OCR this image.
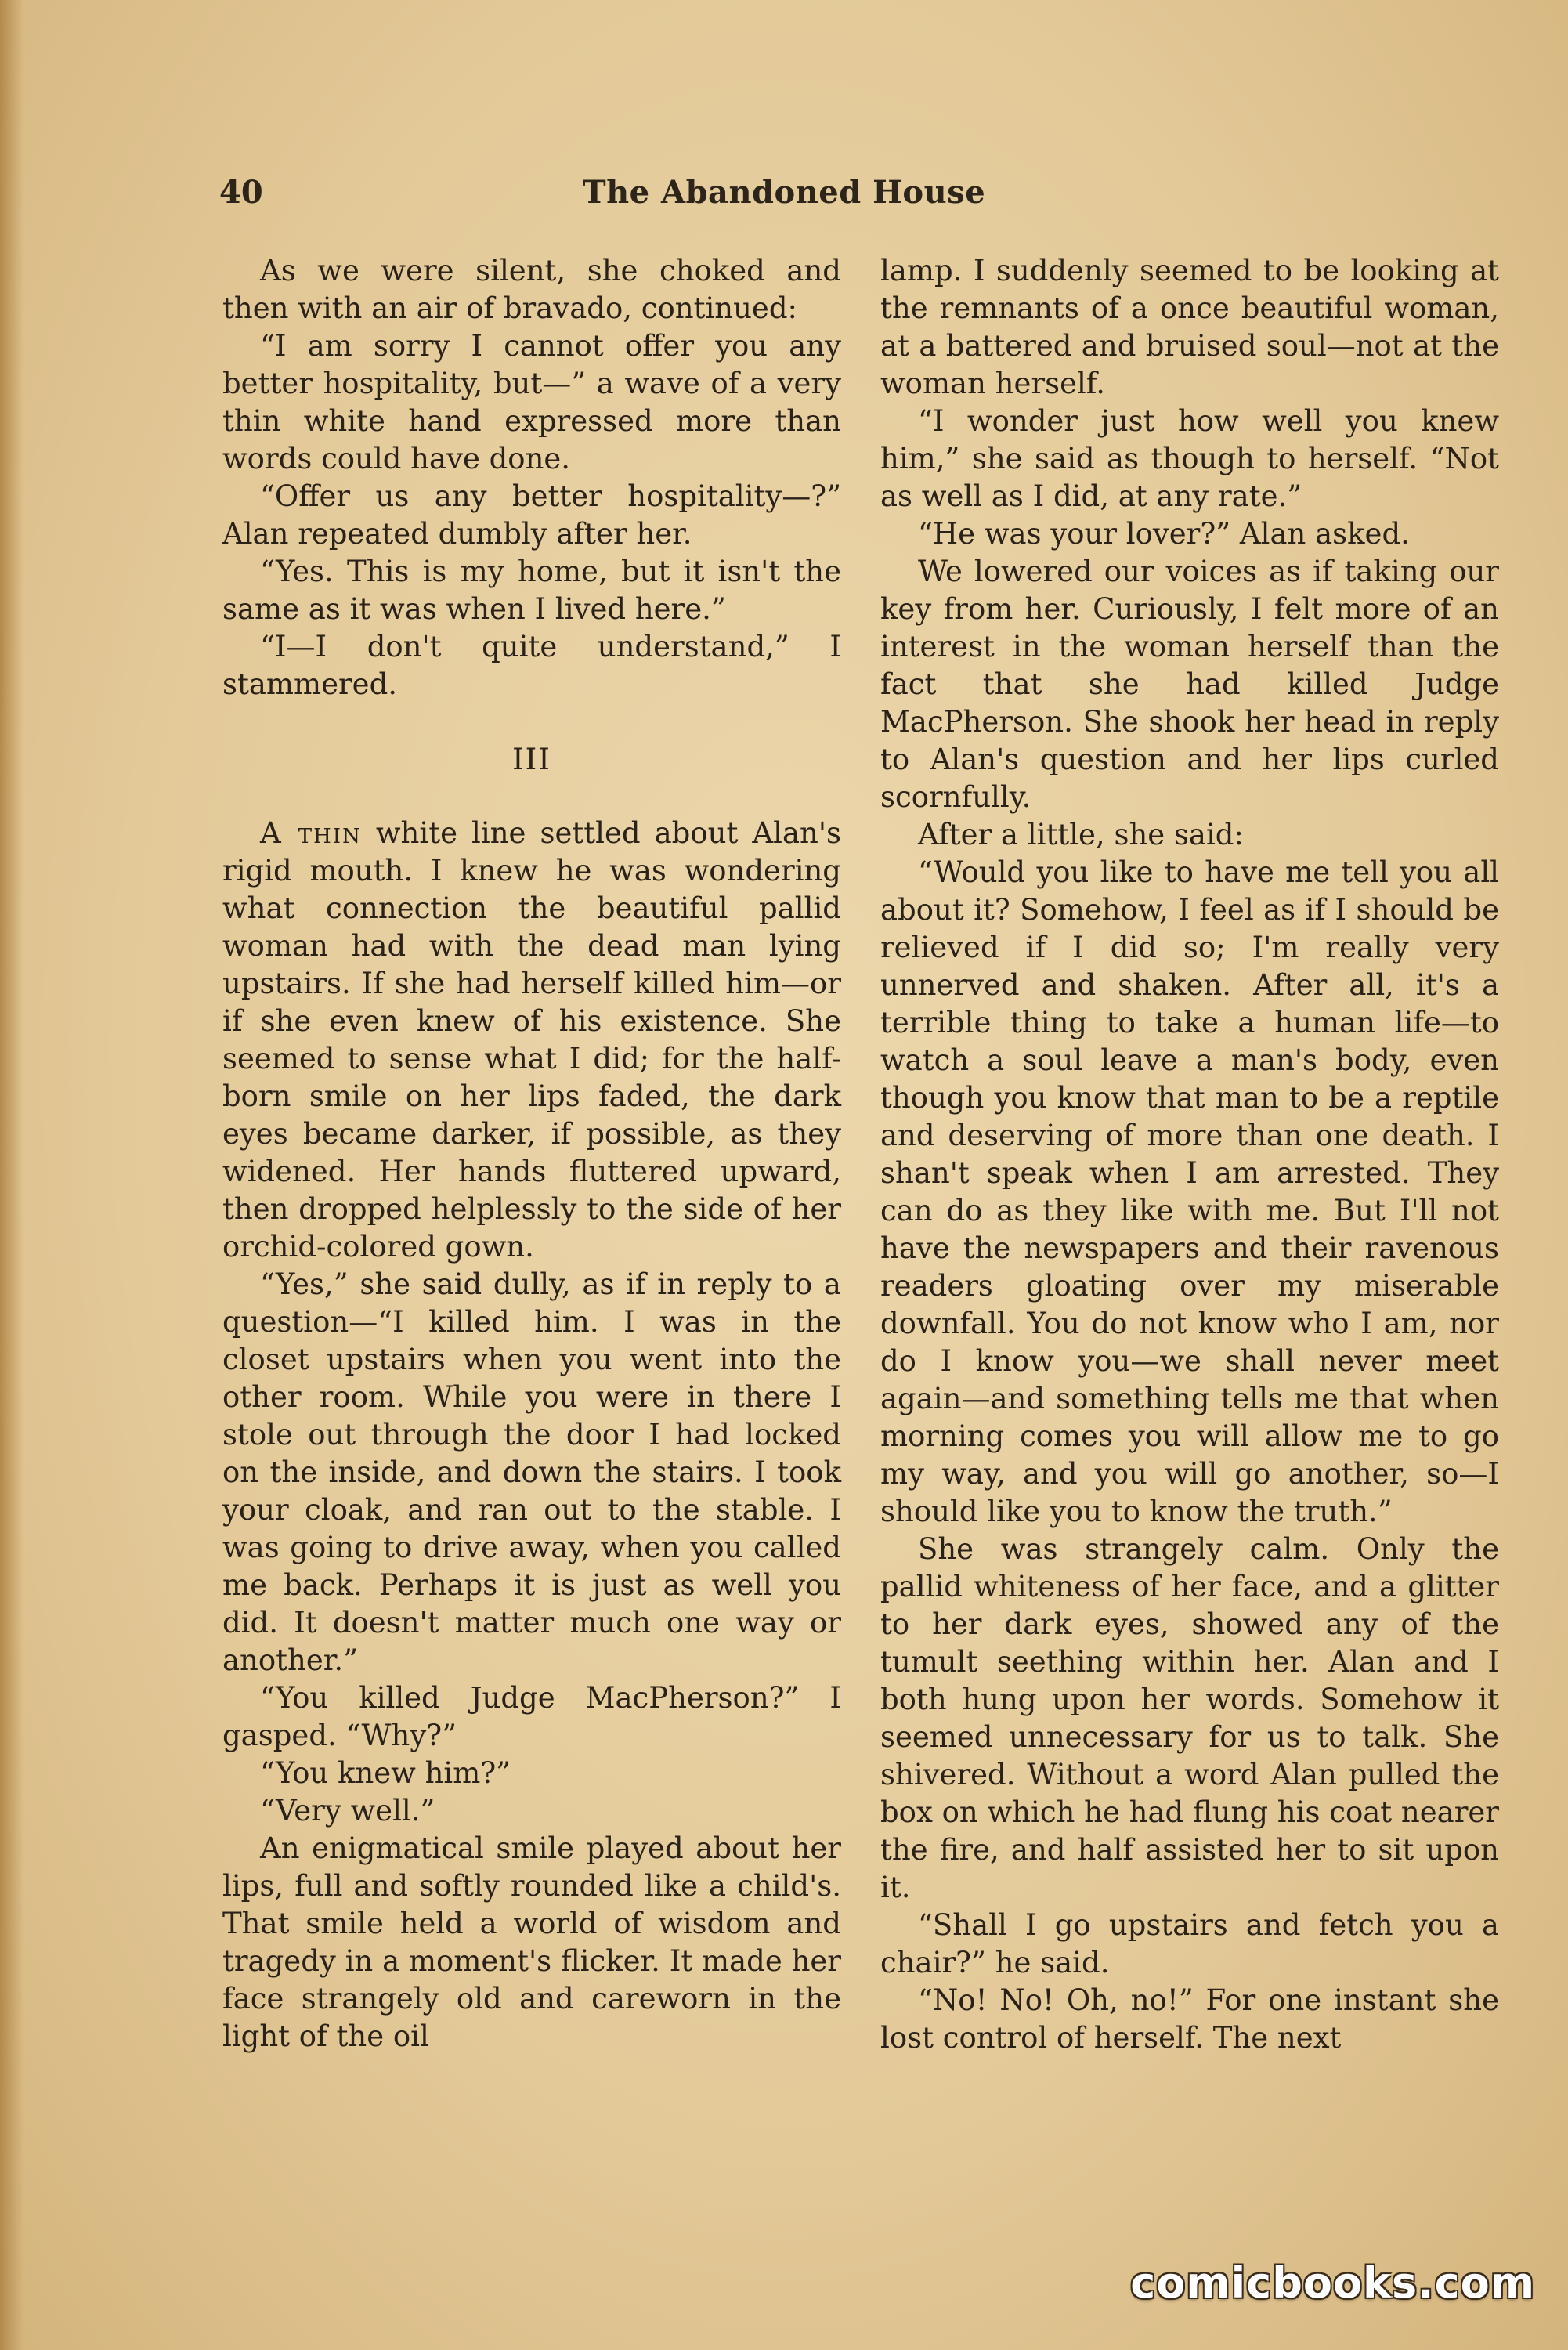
40	The Abandoned House

As we were silent, she choked and then with an air of bravado, continued:

“I am sorry I cannot offer you any better hospitality, but—” a wave of a very thin white hand expressed more than words could have done.

“Offer us any better hospitality—?” Alan repeated dumbly after her.

“Yes. This is my home, but it isn't the same as it was when I lived here.”

“I—I don't quite understand,” I stammered.

III

A thin white line settled about Alan's rigid mouth. I knew he was wondering what connection the beautiful pallid woman had with the dead man lying upstairs. If she had herself killed him—or if she even knew of his existence. She seemed to sense what I did; for the half-born smile on her lips faded, the dark eyes became darker, if possible, as they widened. Her hands fluttered upward, then dropped helplessly to the side of her orchid-colored gown.

“Yes,” she said dully, as if in reply to a question—“I killed him. I was in the closet upstairs when you went into the other room. While you were in there I stole out through the door I had locked on the inside, and down the stairs. I took your cloak, and ran out to the stable. I was going to drive away, when you called me back. Perhaps it is just as well you did. It doesn't matter much one way or another.”

“You killed Judge MacPherson?” I gasped. “Why?”

“You knew him?”

“Very well.”

An enigmatical smile played about her lips, full and softly rounded like a child's. That smile held a world of wisdom and tragedy in a moment's flicker. It made her face strangely old and careworn in the light of the oil

lamp. I suddenly seemed to be looking at the remnants of a once beautiful woman, at a battered and bruised soul—not at the woman herself.

“I wonder just how well you knew him,” she said as though to herself. “Not as well as I did, at any rate.”

“He was your lover?” Alan asked.

We lowered our voices as if taking our key from her. Curiously, I felt more of an interest in the woman herself than the fact that she had killed Judge MacPherson. She shook her head in reply to Alan's question and her lips curled scornfully.

After a little, she said:

“Would you like to have me tell you all about it? Somehow, I feel as if I should be relieved if I did so; I'm really very unnerved and shaken. After all, it's a terrible thing to take a human life—to watch a soul leave a man's body, even though you know that man to be a reptile and deserving of more than one death. I shan't speak when I am arrested. They can do as they like with me. But I'll not have the newspapers and their ravenous readers gloating over my miserable downfall. You do not know who I am, nor do I know you—we shall never meet again—and something tells me that when morning comes you will allow me to go my way, and you will go another, so—I should like you to know the truth.”

She was strangely calm. Only the pallid whiteness of her face, and a glitter to her dark eyes, showed any of the tumult seething within her. Alan and I both hung upon her words. Somehow it seemed unnecessary for us to talk. She shivered. Without a word Alan pulled the box on which he had flung his coat nearer the fire, and half assisted her to sit upon it.

“Shall I go upstairs and fetch you a chair?” he said.

“No! No! Oh, no!” For one instant she lost control of herself. The next

comicbooks.com
